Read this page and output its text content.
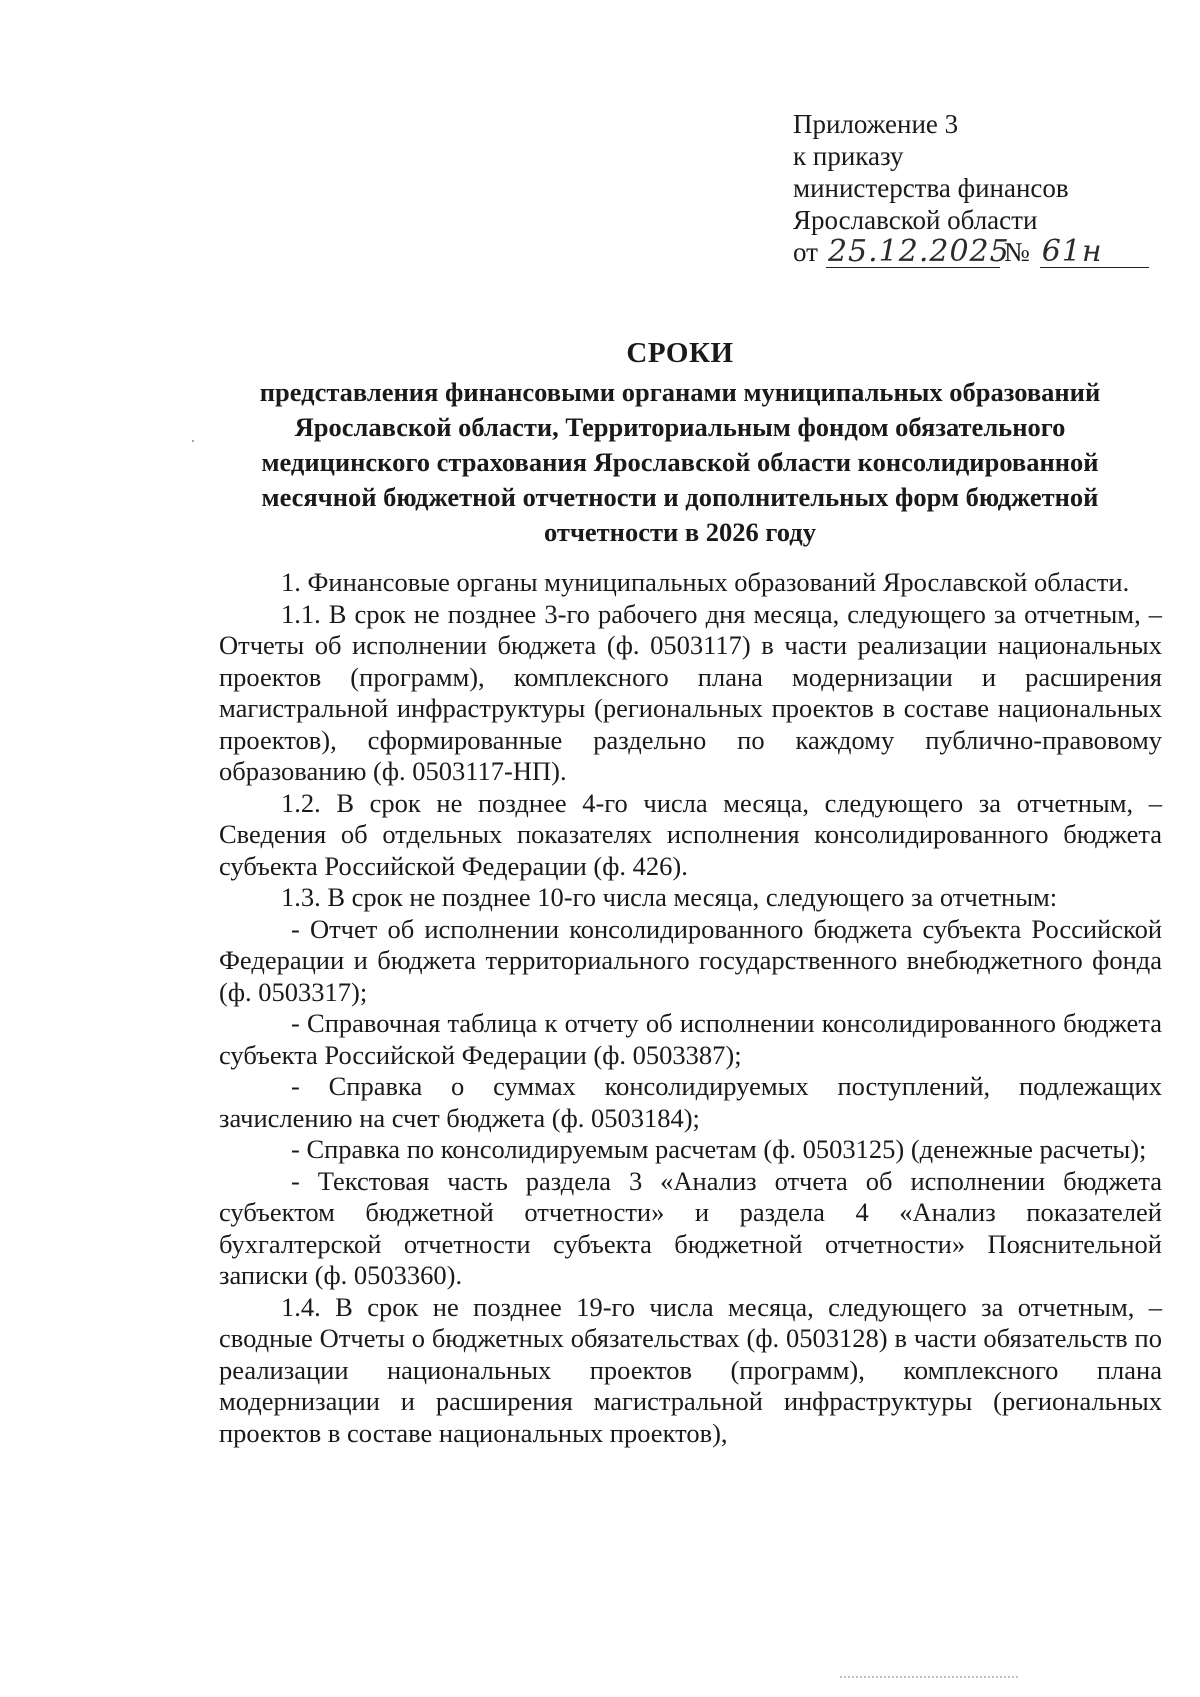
Приложение 3
к приказу
министерства финансов
Ярославской области
от 25.12.2025
№ 61н
СРОКИ
представления финансовыми органами муниципальных образований
Ярославской области, Территориальным фондом обязательного
медицинского страхования Ярославской области консолидированной
месячной бюджетной отчетности и дополнительных форм бюджетной
отчетности в 2026 году

1. Финансовые органы муниципальных образований Ярославской области.

1.1. В срок не позднее 3-го рабочего дня месяца, следующего за отчетным, – Отчеты об исполнении бюджета (ф. 0503117) в части реализации национальных проектов (программ), комплексного плана модернизации и расширения магистральной инфраструктуры (региональных проектов в составе национальных проектов), сформированные раздельно по каждому публично-правовому образованию (ф. 0503117-НП).

1.2. В срок не позднее 4-го числа месяца, следующего за отчетным, – Сведения об отдельных показателях исполнения консолидированного бюджета субъекта Российской Федерации (ф. 426).

1.3. В срок не позднее 10-го числа месяца, следующего за отчетным:

- Отчет об исполнении консолидированного бюджета субъекта Российской Федерации и бюджета территориального государственного внебюджетного фонда (ф. 0503317);

- Справочная таблица к отчету об исполнении консолидированного бюджета субъекта Российской Федерации (ф. 0503387);

- Справка о суммах консолидируемых поступлений, подлежащих зачислению на счет бюджета (ф. 0503184);

- Справка по консолидируемым расчетам (ф. 0503125) (денежные расчеты);

- Текстовая часть раздела 3 «Анализ отчета об исполнении бюджета субъектом бюджетной отчетности» и раздела 4 «Анализ показателей бухгалтерской отчетности субъекта бюджетной отчетности» Пояснительной записки (ф. 0503360).

1.4. В срок не позднее 19-го числа месяца, следующего за отчетным, – сводные Отчеты о бюджетных обязательствах (ф. 0503128) в части обязательств по реализации национальных проектов (программ), комплексного плана модернизации и расширения магистральной инфраструктуры (региональных проектов в составе национальных проектов),
